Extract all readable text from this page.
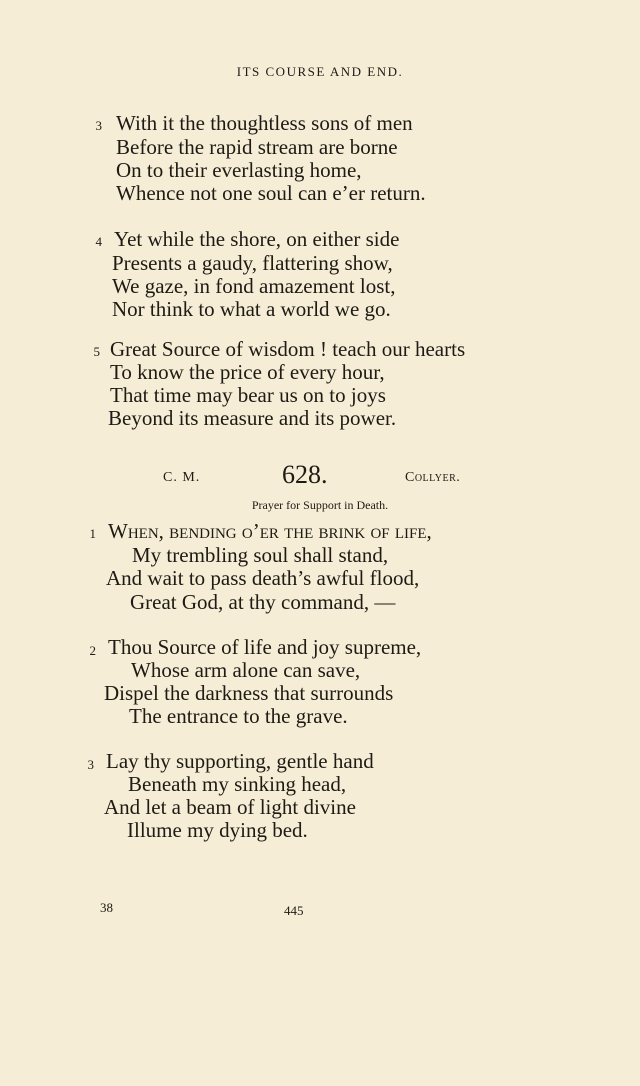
ITS COURSE AND END.
3 With it the thoughtless sons of men
Before the rapid stream are borne
On to their everlasting home,
Whence not one soul can e’er return.
4 Yet while the shore, on either side
Presents a gaudy, flattering show,
We gaze, in fond amazement lost,
Nor think to what a world we go.
5 Great Source of wisdom ! teach our hearts
To know the price of every hour,
That time may bear us on to joys
Beyond its measure and its power.
C. M.	628.	Collyer.
Prayer for Support in Death.
1 When, bending o’er the brink of life,
My trembling soul shall stand,
And wait to pass death’s awful flood,
Great God, at thy command, —
2 Thou Source of life and joy supreme,
Whose arm alone can save,
Dispel the darkness that surrounds
The entrance to the grave.
3 Lay thy supporting, gentle hand
Beneath my sinking head,
And let a beam of light divine
Illume my dying bed.
38	445
